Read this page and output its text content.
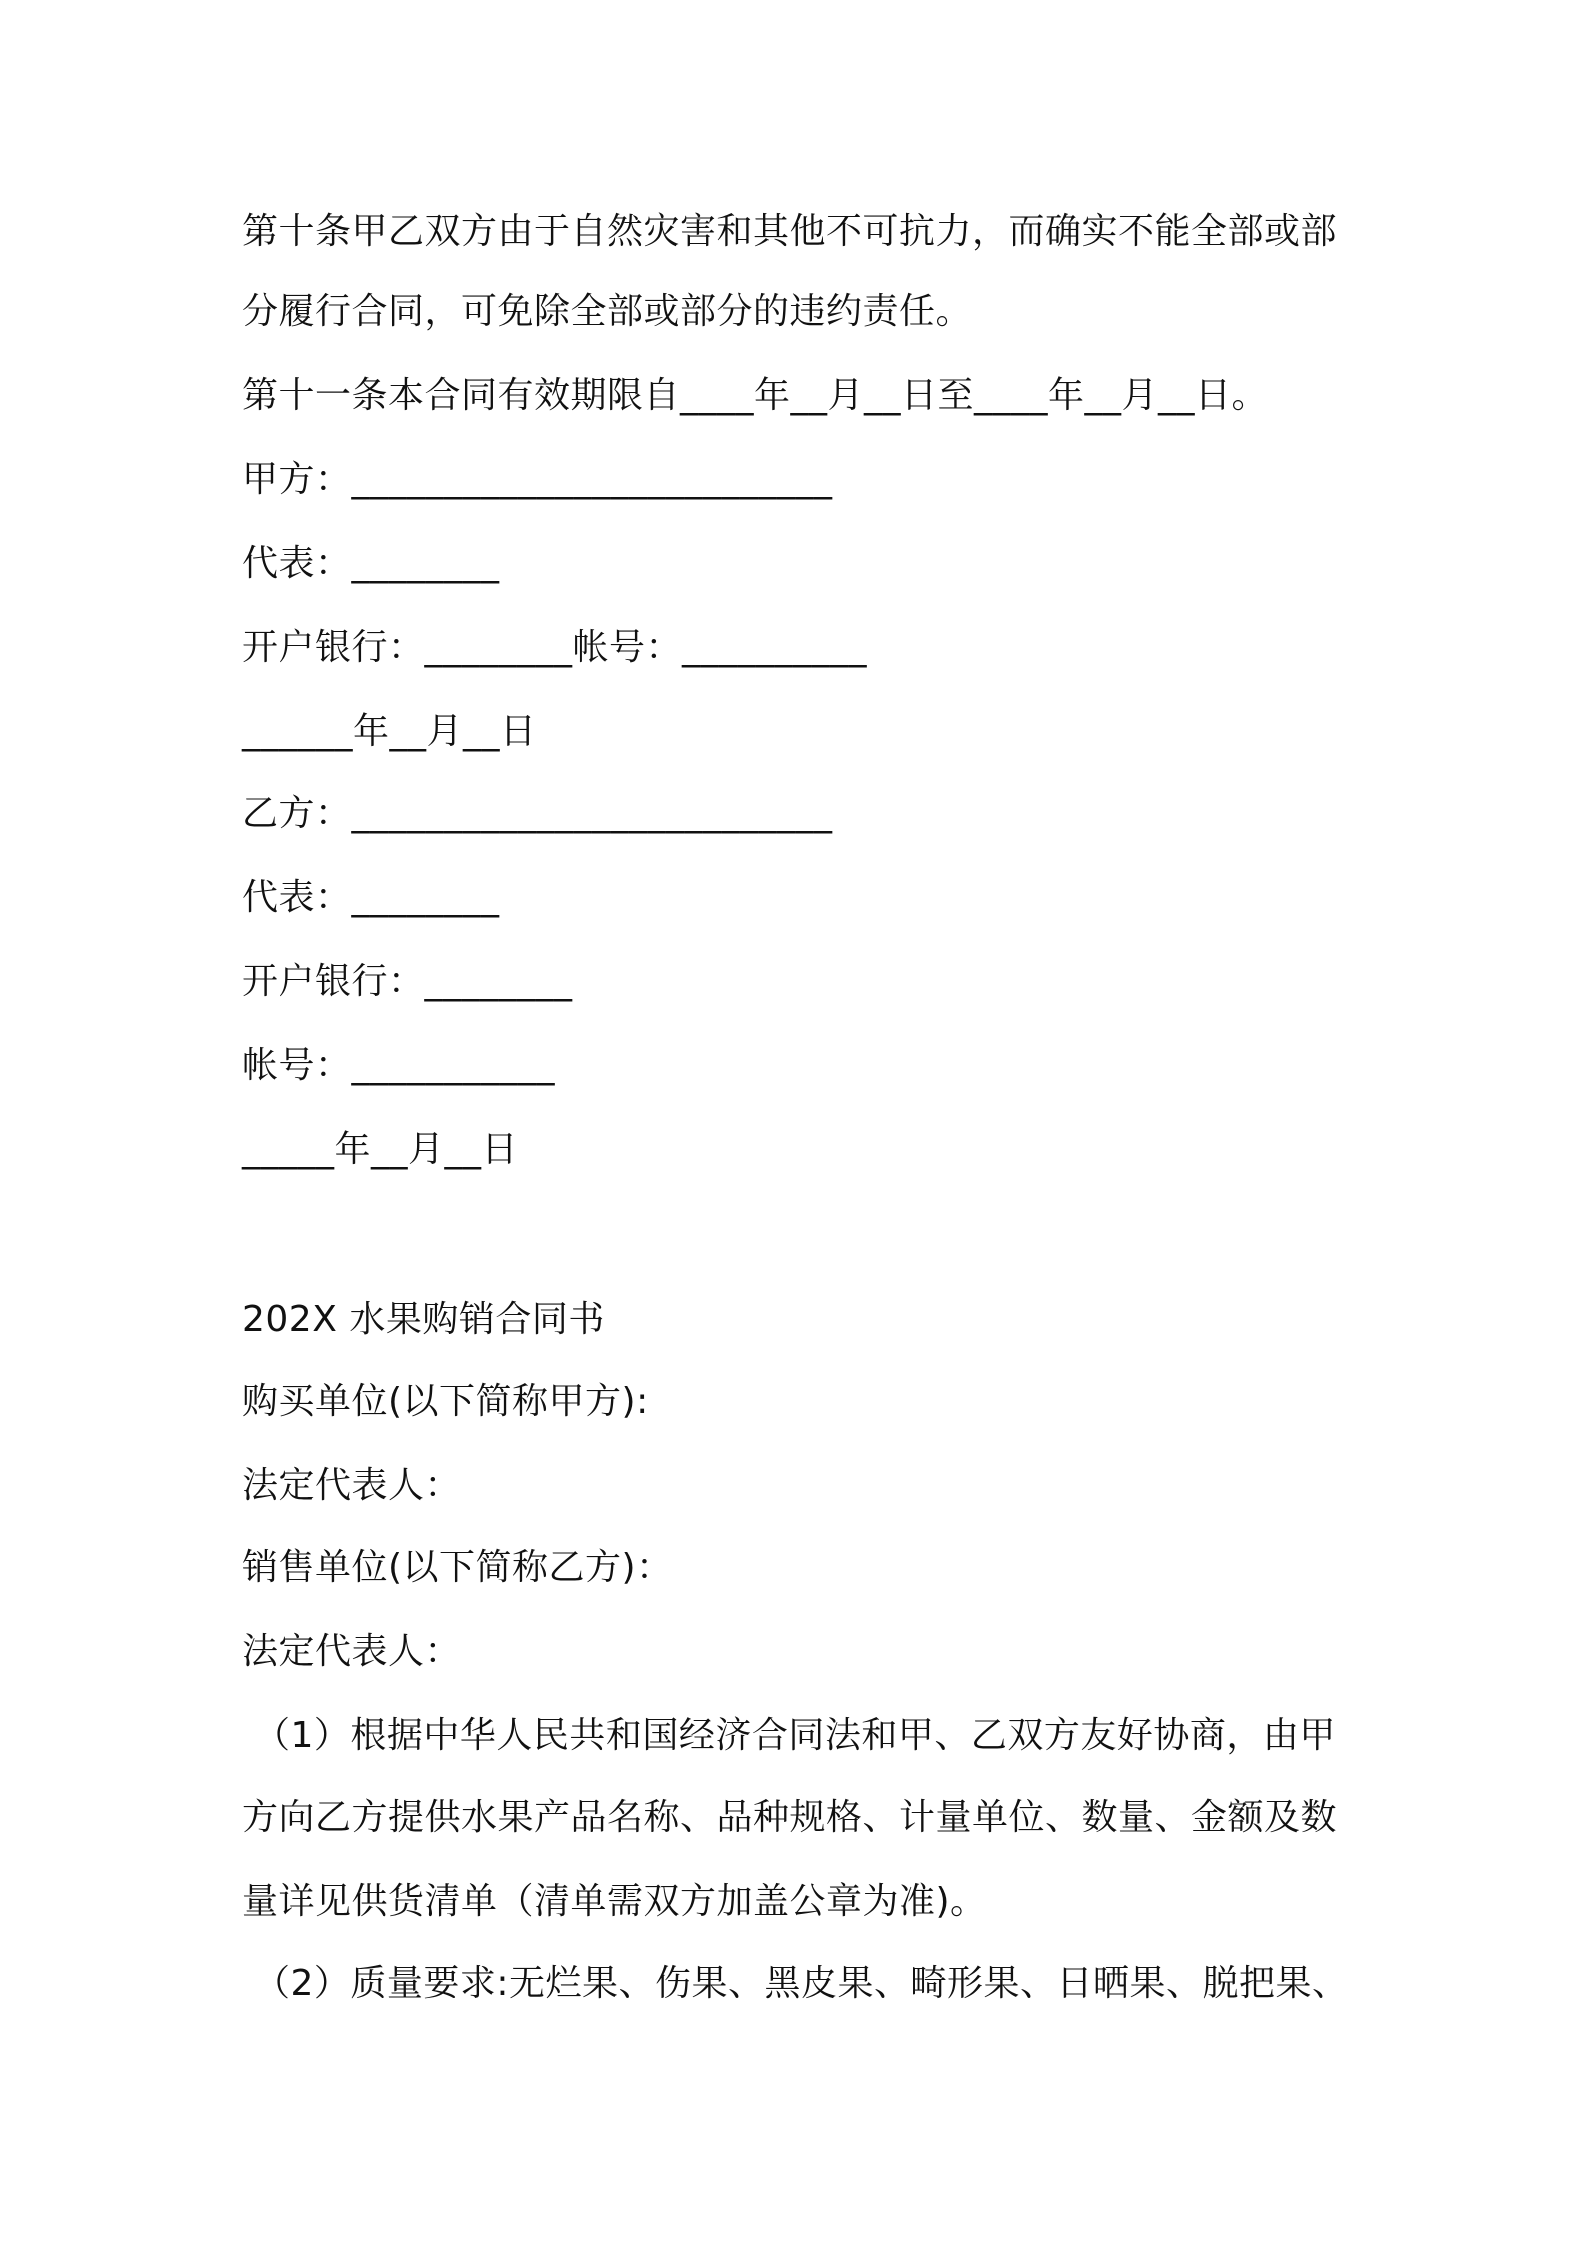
第十条甲乙双方由于自然灾害和其他不可抗力，而确实不能全部或部
分履行合同，可免除全部或部分的违约责任。
第十一条本合同有效期限自____年__月__日至____年__月__日。
甲方：__________________________
代表：________
开户银行：________帐号：__________
______年__月__日
乙方：__________________________
代表：________
开户银行：________
帐号：___________
_____年__月__日
202X 水果购销合同书
购买单位(以下简称甲方):
法定代表人：
销售单位(以下简称乙方)：
法定代表人：
（1）根据中华人民共和国经济合同法和甲、乙双方友好协商，由甲
方向乙方提供水果产品名称、品种规格、计量单位、数量、金额及数
量详见供货清单（清单需双方加盖公章为准)。
（2）质量要求:无烂果、伤果、黑皮果、畸形果、日晒果、脱把果、
